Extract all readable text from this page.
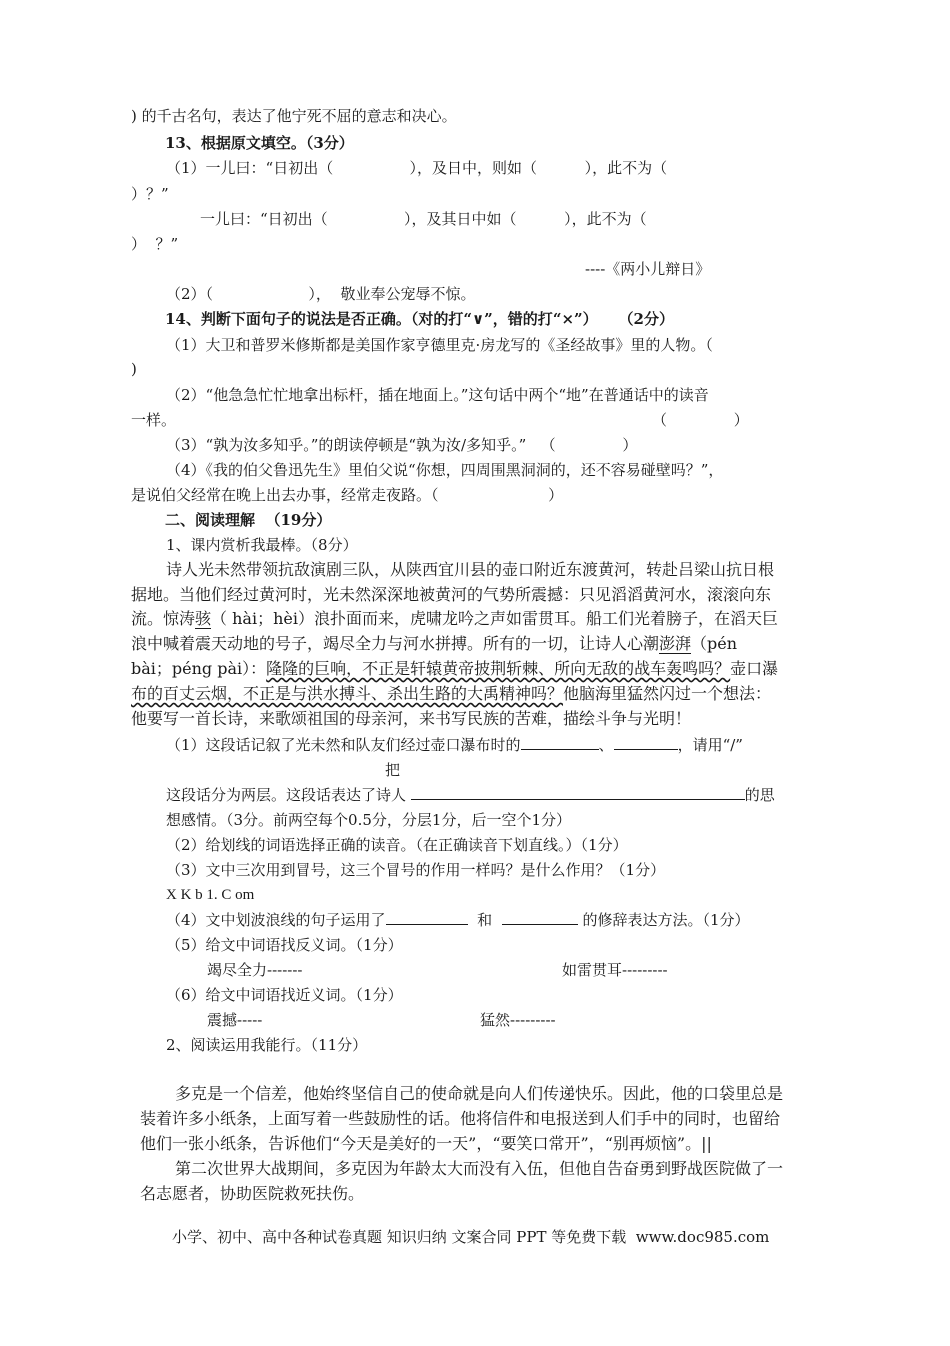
) 的千古名句，表达了他宁死不屈的意志和决心。
13、根据原文填空。（3分）
（1）一儿曰：“日初出（                ），及日中，则如（          ），此不为（
）？”
一儿曰：“日初出（                ），及其日中如（          ），此不为（
）  ？”
----《两小儿辩日》
（2）（                    ），  敬业奉公宠辱不惊。
14、判断下面句子的说法是否正确。（对的打“∨”，错的打“×”）    （2分）
（1）大卫和普罗米修斯都是美国作家亨德里克·房龙写的《圣经故事》里的人物。（
)
（2）“他急急忙忙地拿出标杆，插在地面上。”这句话中两个“地”在普通话中的读音
一样。	（              ）
（3）“孰为汝多知乎。”的朗读停顿是“孰为汝/多知乎。”   （              ）
（4）《我的伯父鲁迅先生》里伯父说“你想，四周围黑洞洞的，还不容易碰壁吗？”，
是说伯父经常在晚上出去办事，经常走夜路。（                       ）
二、阅读理解  （19分）
1、课内赏析我最棒。（8分）
诗人光未然带领抗敌演剧三队，从陕西宜川县的壶口附近东渡黄河，转赴吕梁山抗日根
据地。当他们经过黄河时，光未然深深地被黄河的气势所震撼：只见滔滔黄河水，滚滚向东
流。惊涛骇（ hài；hèi）浪扑面而来，虎啸龙吟之声如雷贯耳。船工们光着膀子，在滔天巨
浪中喊着震天动地的号子，竭尽全力与河水拼搏。所有的一切，让诗人心潮澎湃（pén
bài；péng pài）：隆隆的巨响，不正是轩辕黄帝披荆斩棘、所向无敌的战车轰鸣吗？壶口瀑
布的百丈云烟，不正是与洪水搏斗、杀出生路的大禹精神吗？他脑海里猛然闪过一个想法：
他要写一首长诗，来歌颂祖国的母亲河，来书写民族的苦难，描绘斗争与光明！
（1）这段话记叙了光未然和队友们经过壶口瀑布时的	、	，请用“/”
把
这段话分为两层。这段话表达了诗人	的思
想感情。（3分。前两空每个0.5分，分层1分，后一空个1分）
（2）给划线的词语选择正确的读音。（在正确读音下划直线。）（1分）
（3）文中三次用到冒号，这三个冒号的作用一样吗？是什么作用？（1分）
X K b 1. C om
（4）文中划波浪线的句子运用了	和	的修辞表达方法。（1分）
（5）给文中词语找反义词。（1分）
竭尽全力-------	如雷贯耳---------
（6）给文中词语找近义词。（1分）
震撼-----	猛然---------
2、阅读运用我能行。（11分）
多克是一个信差，他始终坚信自己的使命就是向人们传递快乐。因此，他的口袋里总是
装着许多小纸条，上面写着一些鼓励性的话。他将信件和电报送到人们手中的同时，也留给
他们一张小纸条，告诉他们“今天是美好的一天”，“要笑口常开”，“别再烦恼”。||
第二次世界大战期间，多克因为年龄太大而没有入伍，但他自告奋勇到野战医院做了一
名志愿者，协助医院救死扶伤。
小学、初中、高中各种试卷真题 知识归纳 文案合同 PPT 等免费下载  www.doc985.com
